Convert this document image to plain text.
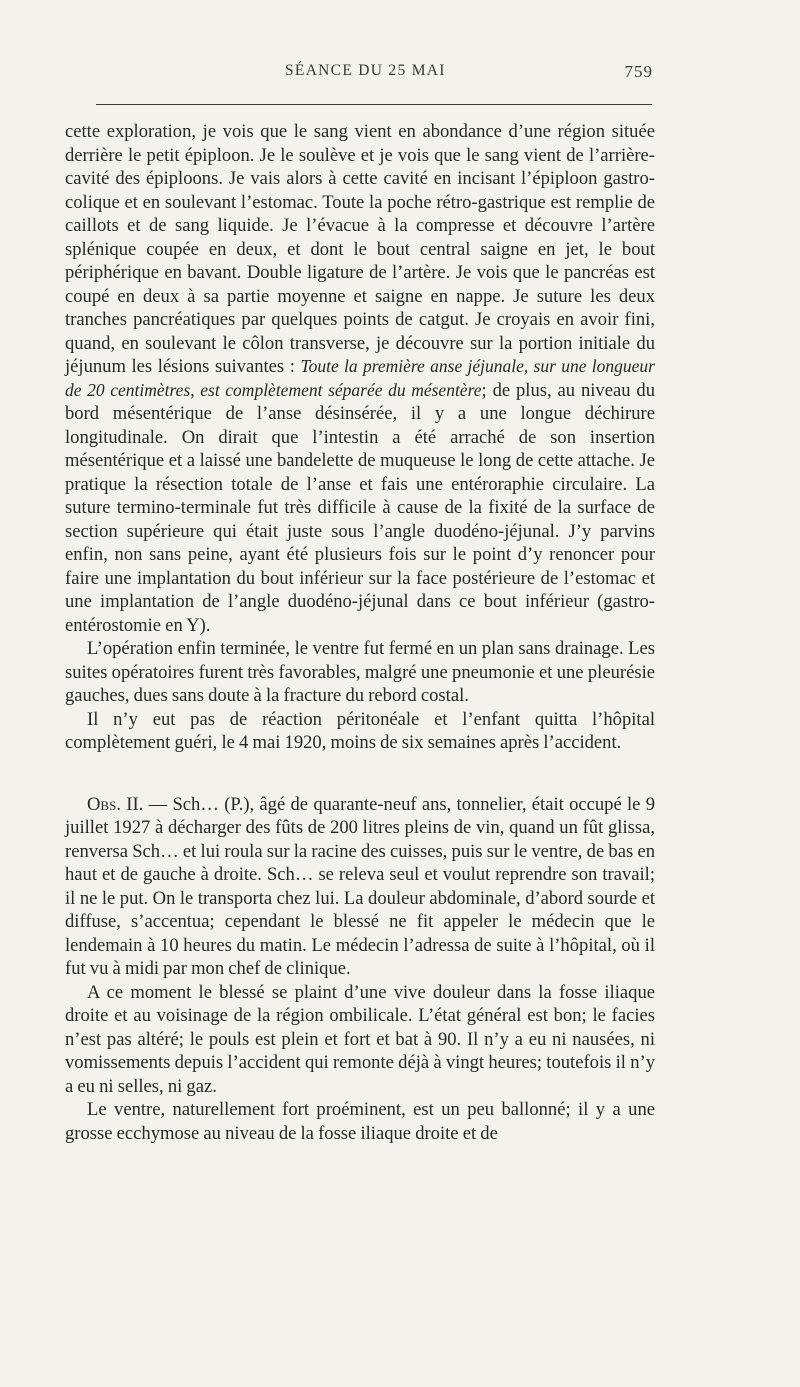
SÉANCE DU 25 MAI	759

cette exploration, je vois que le sang vient en abondance d’une région située derrière le petit épiploon. Je le soulève et je vois que le sang vient de l’arrière-cavité des épiploons. Je vais alors à cette cavité en incisant l’épiploon gastro-colique et en soulevant l’estomac. Toute la poche rétro-gastrique est remplie de caillots et de sang liquide. Je l’évacue à la compresse et découvre l’artère splénique coupée en deux, et dont le bout central saigne en jet, le bout périphérique en bavant. Double ligature de l’artère. Je vois que le pancréas est coupé en deux à sa partie moyenne et saigne en nappe. Je suture les deux tranches pancréatiques par quelques points de catgut. Je croyais en avoir fini, quand, en soulevant le côlon transverse, je découvre sur la portion initiale du jéjunum les lésions suivantes : Toute la première anse jéjunale, sur une longueur de 20 centimètres, est complètement séparée du mésentère; de plus, au niveau du bord mésentérique de l’anse désinsérée, il y a une longue déchirure longitudinale. On dirait que l’intestin a été arraché de son insertion mésentérique et a laissé une bandelette de muqueuse le long de cette attache. Je pratique la résection totale de l’anse et fais une entéroraphie circulaire. La suture termino-terminale fut très difficile à cause de la fixité de la surface de section supérieure qui était juste sous l’angle duodéno-jéjunal. J’y parvins enfin, non sans peine, ayant été plusieurs fois sur le point d’y renoncer pour faire une implantation du bout inférieur sur la face postérieure de l’estomac et une implantation de l’angle duodéno-jéjunal dans ce bout inférieur (gastro-entérostomie en Y).

L’opération enfin terminée, le ventre fut fermé en un plan sans drainage. Les suites opératoires furent très favorables, malgré une pneumonie et une pleurésie gauches, dues sans doute à la fracture du rebord costal.

Il n’y eut pas de réaction péritonéale et l’enfant quitta l’hôpital complètement guéri, le 4 mai 1920, moins de six semaines après l’accident.

Obs. II. — Sch… (P.), âgé de quarante-neuf ans, tonnelier, était occupé le 9 juillet 1927 à décharger des fûts de 200 litres pleins de vin, quand un fût glissa, renversa Sch… et lui roula sur la racine des cuisses, puis sur le ventre, de bas en haut et de gauche à droite. Sch… se releva seul et voulut reprendre son travail; il ne le put. On le transporta chez lui. La douleur abdominale, d’abord sourde et diffuse, s’accentua; cependant le blessé ne fit appeler le médecin que le lendemain à 10 heures du matin. Le médecin l’adressa de suite à l’hôpital, où il fut vu à midi par mon chef de clinique.

A ce moment le blessé se plaint d’une vive douleur dans la fosse iliaque droite et au voisinage de la région ombilicale. L’état général est bon; le facies n’est pas altéré; le pouls est plein et fort et bat à 90. Il n’y a eu ni nausées, ni vomissements depuis l’accident qui remonte déjà à vingt heures; toutefois il n’y a eu ni selles, ni gaz.

Le ventre, naturellement fort proéminent, est un peu ballonné; il y a une grosse ecchymose au niveau de la fosse iliaque droite et de
